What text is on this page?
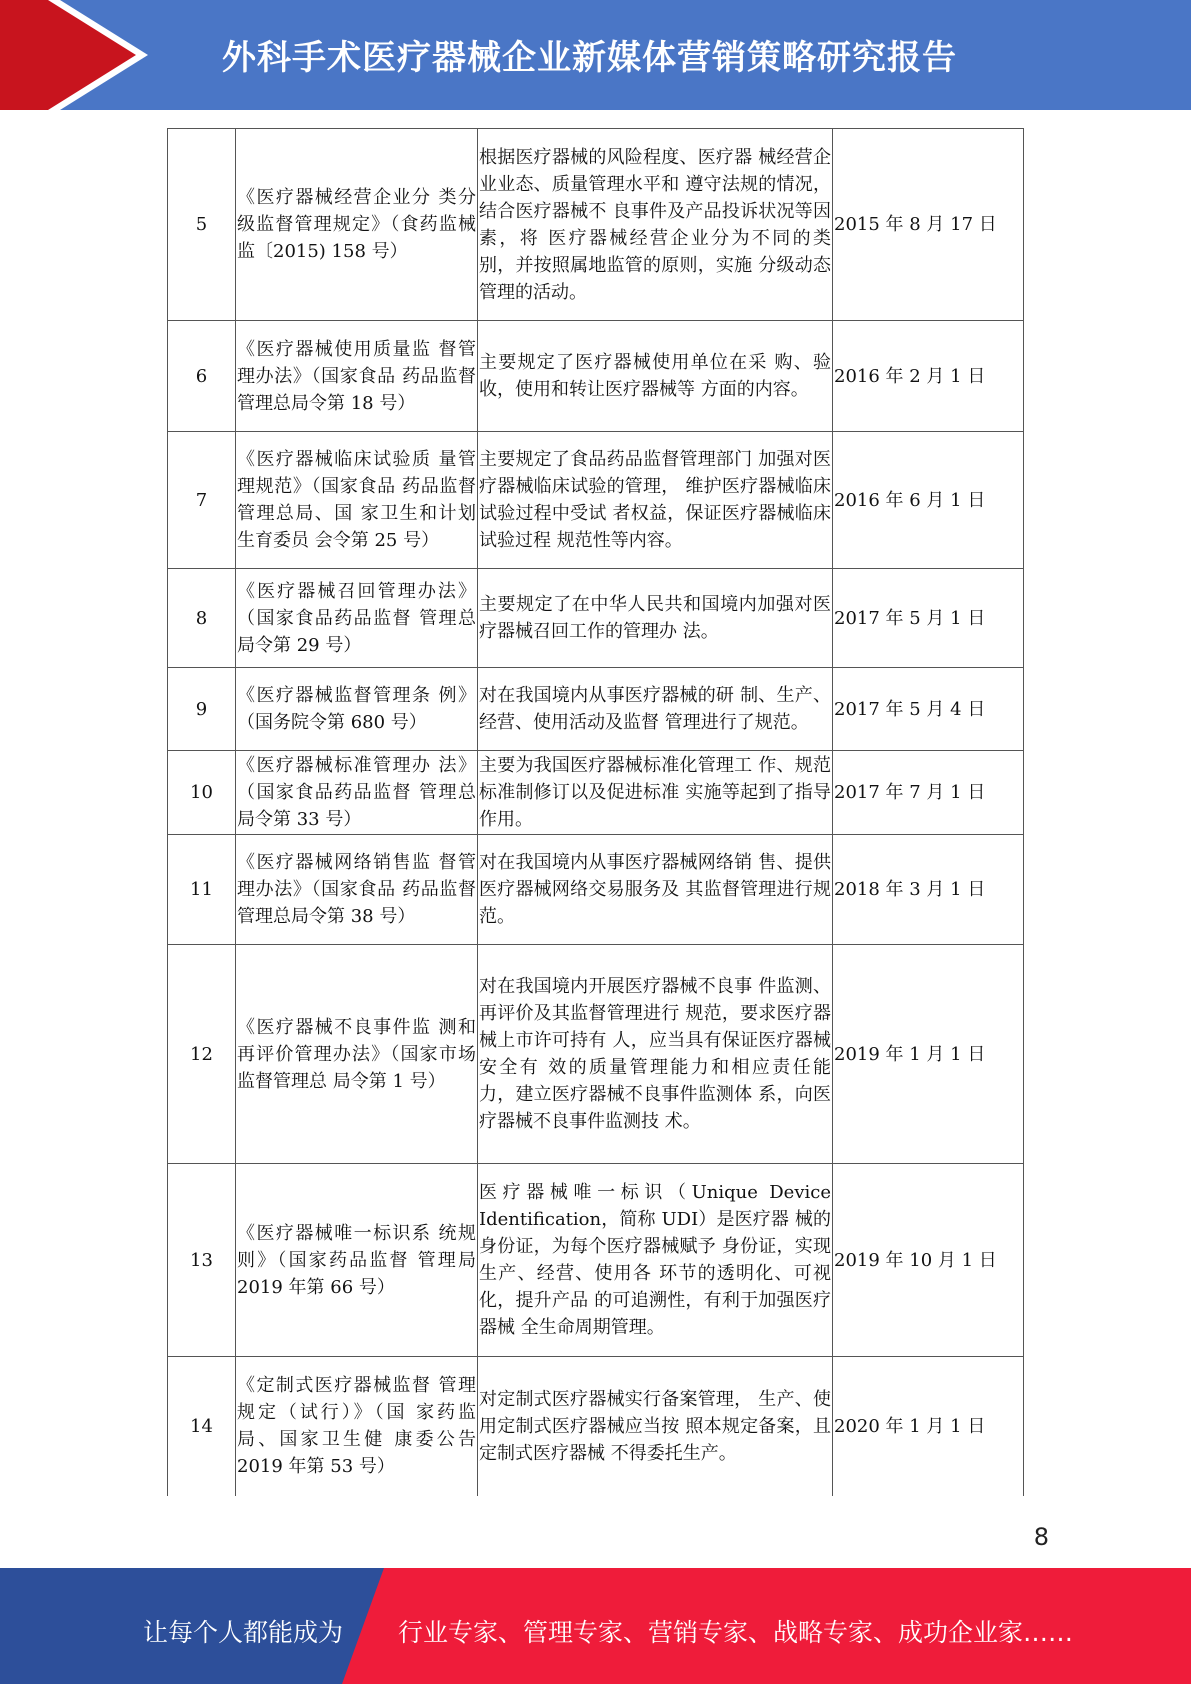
外科手术医疗器械企业新媒体营销策略研究报告
5	《医疗器械经营企业分 类分级监督管理规定》（食药监械监〔2015) 158 号）	根据医疗器械的风险程度、医疗器 械经营企业业态、质量管理水平和 遵守法规的情况，结合医疗器械不 良事件及产品投诉状况等因素，将 医疗器械经营企业分为不同的类 别，并按照属地监管的原则，实施 分级动态管理的活动。	2015 年 8 月 17 日
6	《医疗器械使用质量监 督管理办法》（国家食品 药品监督管理总局令第 18 号）	主要规定了医疗器械使用单位在采 购、验收，使用和转让医疗器械等 方面的内容。	2016 年 2 月 1 日
7	《医疗器械临床试验质 量管理规范》（国家食品 药品监督管理总局、国 家卫生和计划生育委员 会令第 25 号）	主要规定了食品药品监督管理部门 加强对医疗器械临床试验的管理， 维护医疗器械临床试验过程中受试 者权益，保证医疗器械临床试验过程 规范性等内容。	2016 年 6 月 1 日
8	《医疗器械召回管理办法》（国家食品药品监督 管理总局令第 29 号）	主要规定了在中华人民共和国境内加强对医疗器械召回工作的管理办 法。	2017 年 5 月 1 日
9	《医疗器械监督管理条 例》（国务院令第 680 号）	对在我国境内从事医疗器械的研 制、生产、经营、使用活动及监督 管理进行了规范。	2017 年 5 月 4 日
10	《医疗器械标准管理办 法》（国家食品药品监督 管理总局令第 33 号）	主要为我国医疗器械标准化管理工 作、规范标准制修订以及促进标准 实施等起到了指导作用。	2017 年 7 月 1 日
11	《医疗器械网络销售监 督管理办法》（国家食品 药品监督管理总局令第 38 号）	对在我国境内从事医疗器械网络销 售、提供医疗器械网络交易服务及 其监督管理进行规范。	2018 年 3 月 1 日
12	《医疗器械不良事件监 测和再评价管理办法》（国家市场监督管理总 局令第 1 号）	对在我国境内开展医疗器械不良事 件监测、再评价及其监督管理进行 规范，要求医疗器械上市许可持有 人，应当具有保证医疗器械安全有 效的质量管理能力和相应责任能 力，建立医疗器械不良事件监测体 系，向医疗器械不良事件监测技 术。	2019 年 1 月 1 日
13	《医疗器械唯一标识系 统规则》（国家药品监督 管理局 2019 年第 66 号）	医疗器械唯一标识（Unique Device Identification，简称 UDI）是医疗器 械的身份证，为每个医疗器械赋予 身份证，实现生产、经营、使用各 环节的透明化、可视化，提升产品 的可追溯性，有利于加强医疗器械 全生命周期管理。	2019 年 10 月 1 日
14	《定制式医疗器械监督 管理规定（试行）》（国 家药监局、国家卫生健 康委公告 2019 年第 53 号）	对定制式医疗器械实行备案管理， 生产、使用定制式医疗器械应当按 照本规定备案，且定制式医疗器械 不得委托生产。	2020 年 1 月 1 日
8
让每个人都能成为 行业专家、管理专家、营销专家、战略专家、成功企业家……
